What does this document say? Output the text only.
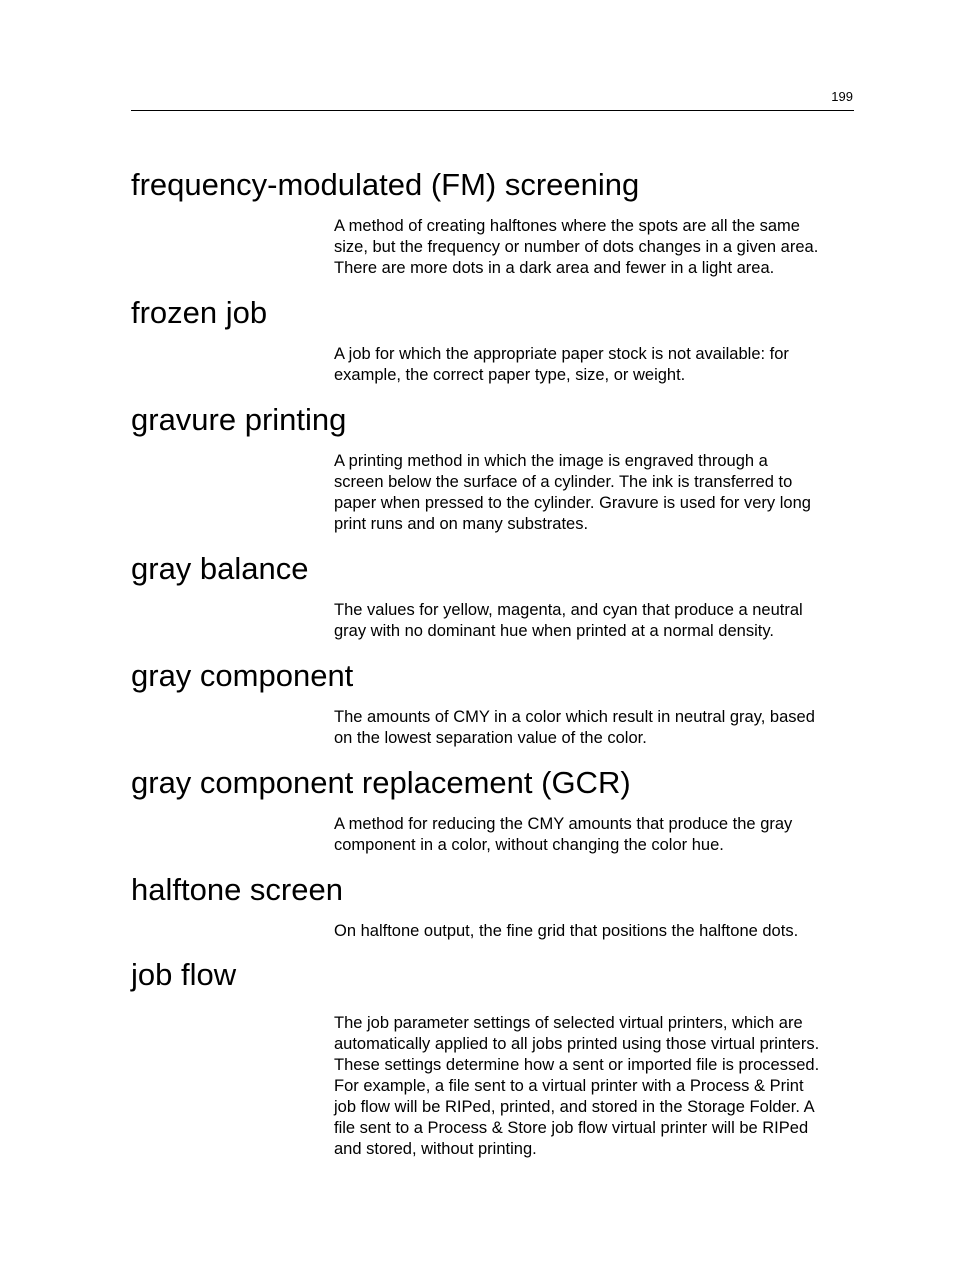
199
frequency-modulated (FM) screening

A method of creating halftones where the spots are all the same
size, but the frequency or number of dots changes in a given area.
There are more dots in a dark area and fewer in a light area.

frozen job

A job for which the appropriate paper stock is not available: for
example, the correct paper type, size, or weight.

gravure printing

A printing method in which the image is engraved through a
screen below the surface of a cylinder. The ink is transferred to
paper when pressed to the cylinder. Gravure is used for very long
print runs and on many substrates.

gray balance

The values for yellow, magenta, and cyan that produce a neutral
gray with no dominant hue when printed at a normal density.

gray component

The amounts of CMY in a color which result in neutral gray, based
on the lowest separation value of the color.

gray component replacement (GCR)

A method for reducing the CMY amounts that produce the gray
component in a color, without changing the color hue.

halftone screen

On halftone output, the fine grid that positions the halftone dots.

job flow

The job parameter settings of selected virtual printers, which are
automatically applied to all jobs printed using those virtual printers.
These settings determine how a sent or imported file is processed.
For example, a file sent to a virtual printer with a Process & Print
job flow will be RIPed, printed, and stored in the Storage Folder. A
file sent to a Process & Store job flow virtual printer will be RIPed
and stored, without printing.
